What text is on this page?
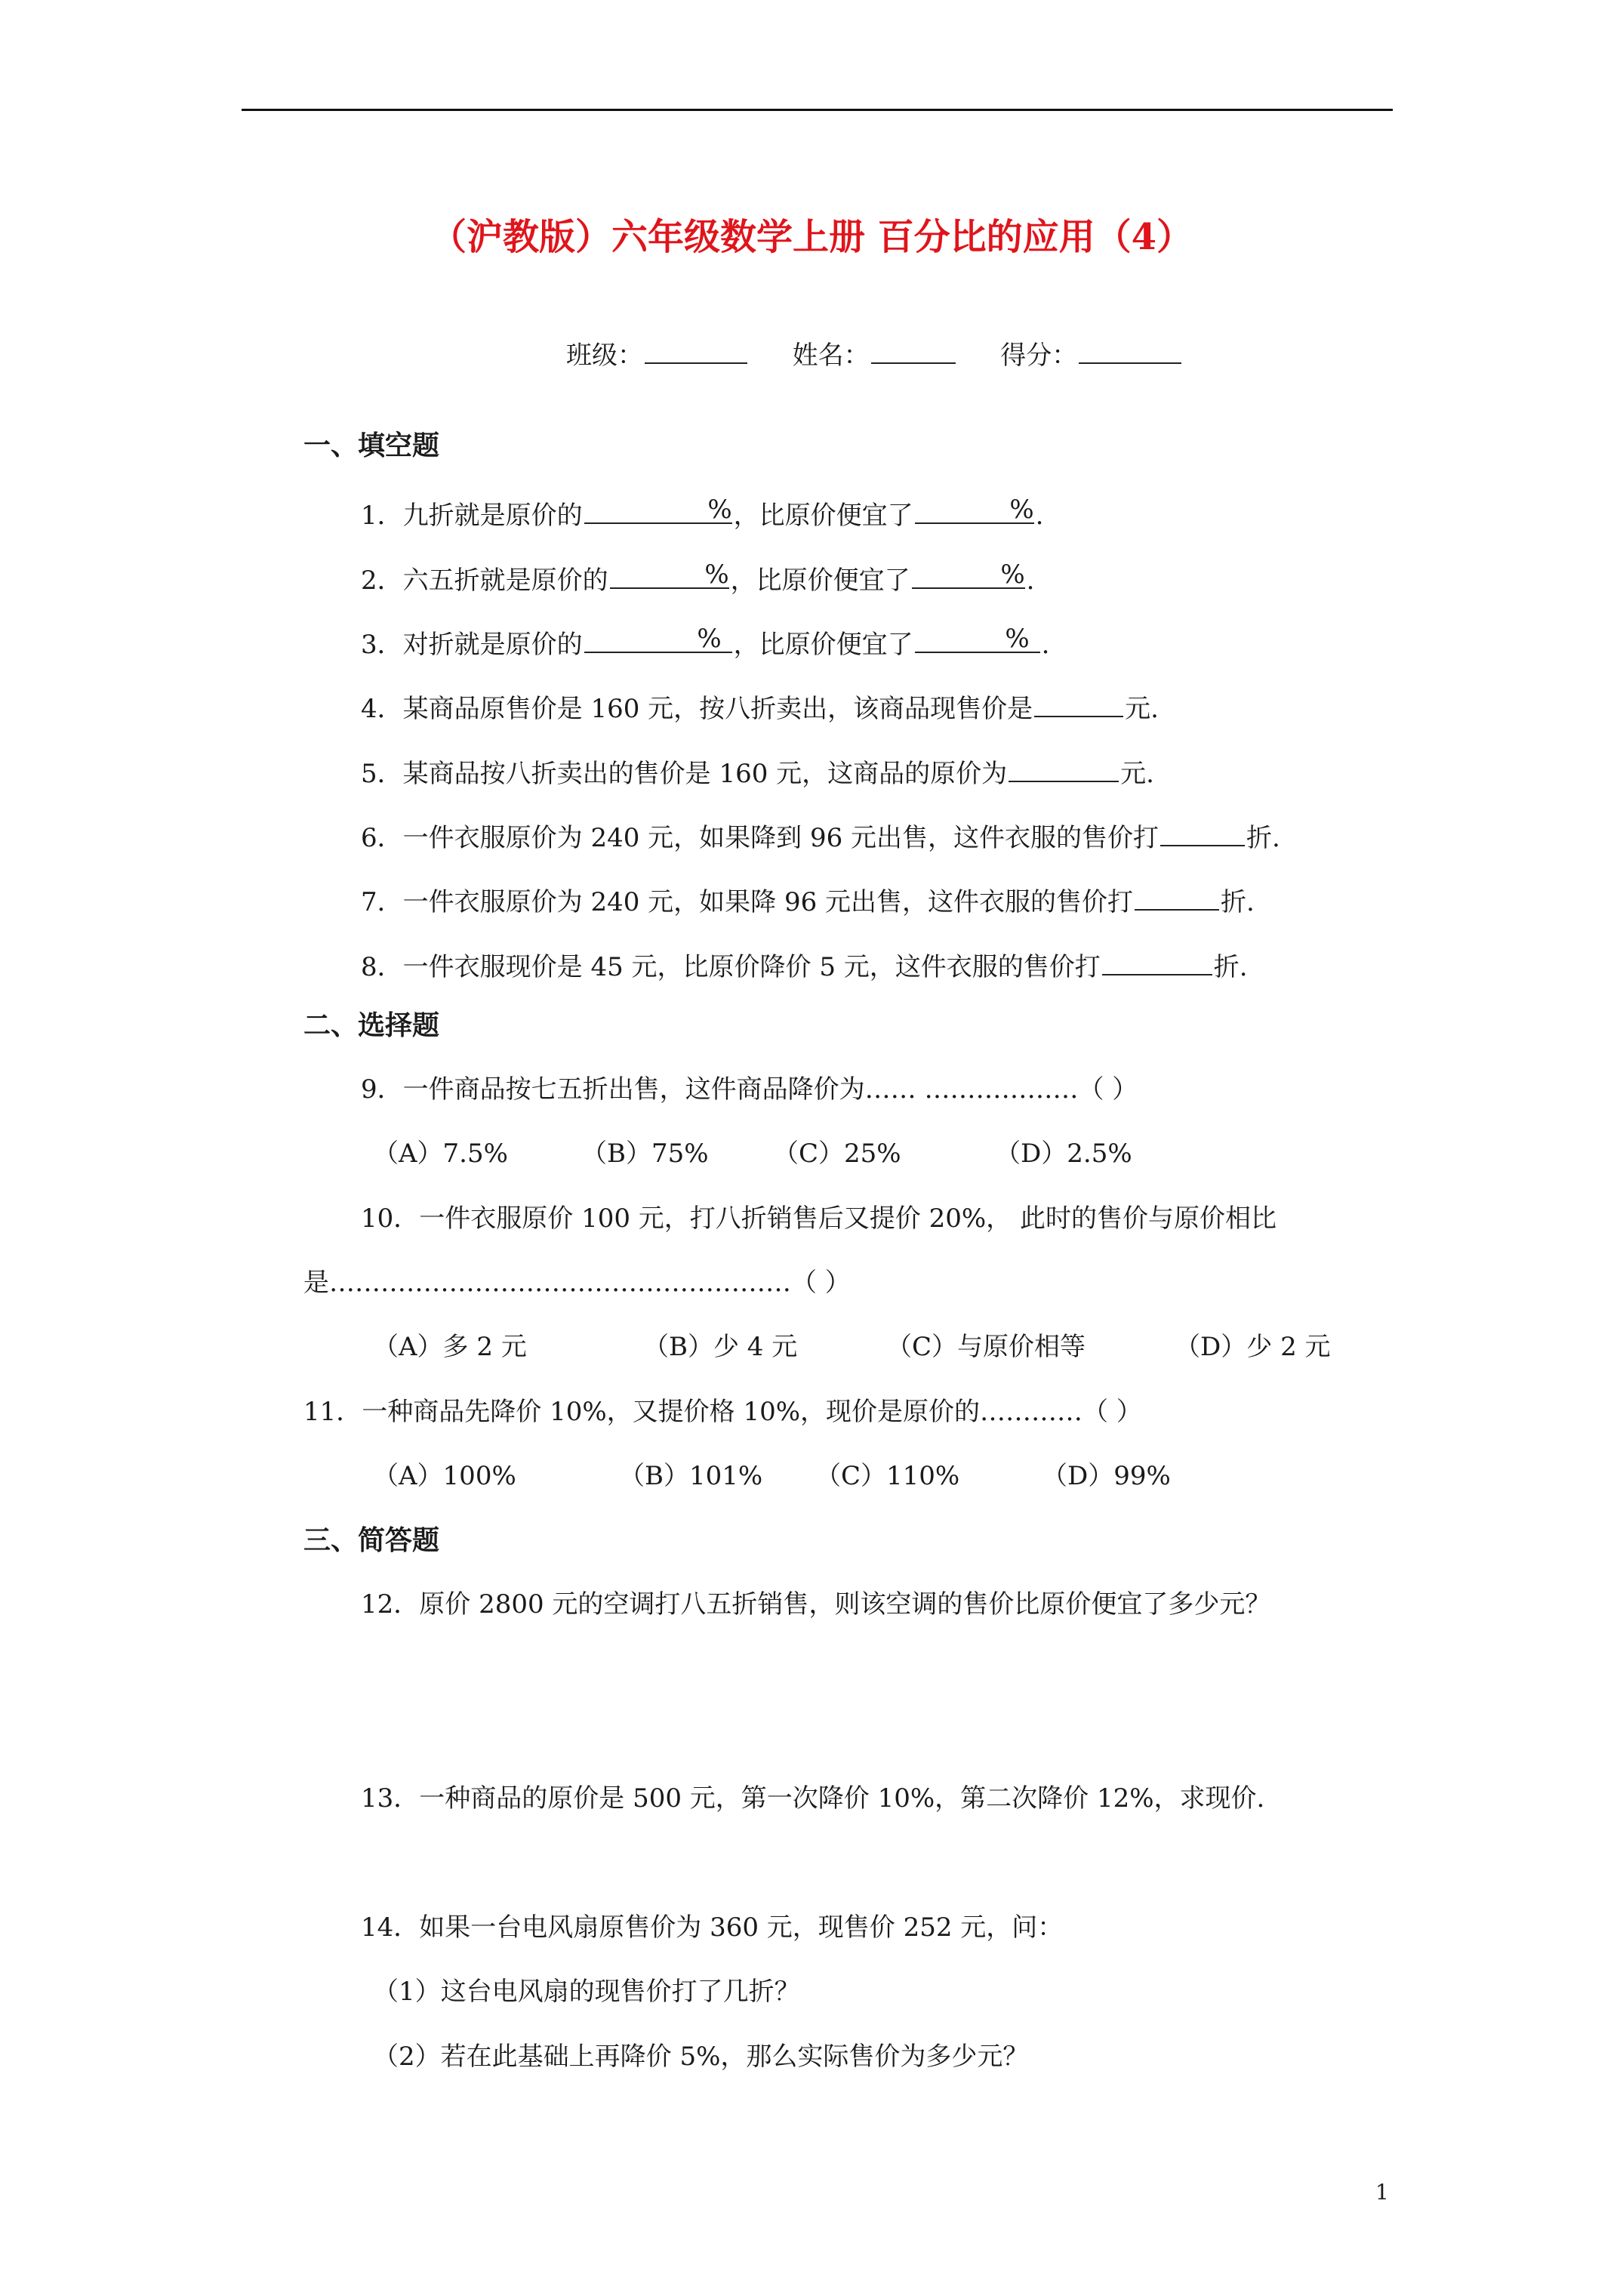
（沪教版）六年级数学上册 百分比的应用（4）
班级：	姓名：	得分：
一、填空题
1．九折就是原价的	% ，比原价便宜了	% .
2．六五折就是原价的	% ，比原价便宜了	% .
3．对折就是原价的	% ，比原价便宜了	% .
4．某商品原售价是 160 元，按八折卖出，该商品现售价是	元.
5．某商品按八折卖出的售价是 160 元，这商品的原价为	元.
6．一件衣服原价为 240 元，如果降到 96 元出售，这件衣服的售价打	折.
7．一件衣服原价为 240 元，如果降 96 元出售，这件衣服的售价打	折.
8．一件衣服现价是 45 元，比原价降价 5 元，这件衣服的售价打	折.
二、选择题
9．一件商品按七五折出售，这件商品降价为…… ………………（ ）
（A）7.5%	（B）75%	（C）25%	（D）2.5%
10．一件衣服原价 100 元，打八折销售后又提价 20%， 此时的售价与原价相比
是………………………………………………（ ）
（A）多 2 元	（B）少 4 元	（C）与原价相等	（D）少 2 元
11．一种商品先降价 10%，又提价格 10%，现价是原价的…………（ ）
（A）100%	（B）101% （C）110%	（D）99%
三、简答题
12．原价 2800 元的空调打八五折销售，则该空调的售价比原价便宜了多少元？
13．一种商品的原价是 500 元，第一次降价 10%，第二次降价 12%，求现价.
14．如果一台电风扇原售价为 360 元，现售价 252 元，问：
（1）这台电风扇的现售价打了几折？
（2）若在此基础上再降价 5%，那么实际售价为多少元？
1
